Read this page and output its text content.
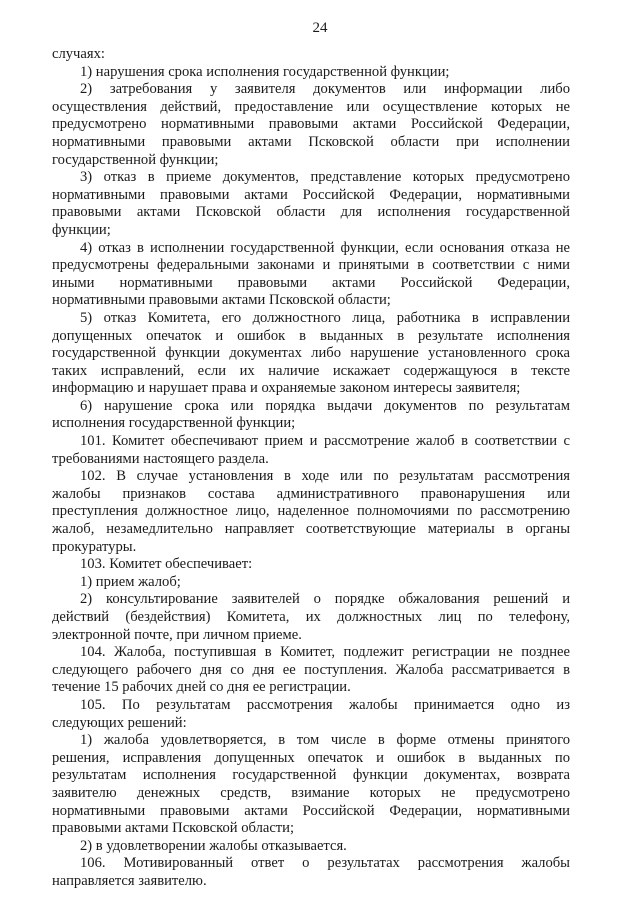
24
случаях:
1) нарушения срока исполнения государственной функции;
2) затребования у заявителя документов или информации либо
осуществления действий, предоставление или осуществление которых не
предусмотрено нормативными правовыми актами Российской Федерации,
нормативными правовыми актами Псковской области при исполнении
государственной функции;
3) отказ в приеме документов, представление которых предусмотрено
нормативными правовыми актами Российской Федерации, нормативными
правовыми актами Псковской области для исполнения государственной
функции;
4) отказ в исполнении государственной функции, если основания отказа не
предусмотрены федеральными законами и принятыми в соответствии с ними
иными нормативными правовыми актами Российской Федерации,
нормативными правовыми актами Псковской области;
5) отказ Комитета, его должностного лица, работника в исправлении
допущенных опечаток и ошибок в выданных в результате исполнения
государственной функции документах либо нарушение установленного срока
таких исправлений, если их наличие искажает содержащуюся в тексте
информацию и нарушает права и охраняемые законом интересы заявителя;
6) нарушение срока или порядка выдачи документов по результатам
исполнения государственной функции;
101. Комитет обеспечивают прием и рассмотрение жалоб в соответствии с
требованиями настоящего раздела.
102. В случае установления в ходе или по результатам рассмотрения
жалобы признаков состава административного правонарушения или
преступления должностное лицо, наделенное полномочиями по рассмотрению
жалоб, незамедлительно направляет соответствующие материалы в органы
прокуратуры.
103. Комитет обеспечивает:
1) прием жалоб;
2) консультирование заявителей о порядке обжалования решений и
действий (бездействия) Комитета, их должностных лиц по телефону,
электронной почте, при личном приеме.
104. Жалоба, поступившая в Комитет, подлежит регистрации не позднее
следующего рабочего дня со дня ее поступления. Жалоба рассматривается в
течение 15 рабочих дней со дня ее регистрации.
105. По результатам рассмотрения жалобы принимается одно из
следующих решений:
1) жалоба удовлетворяется, в том числе в форме отмены принятого
решения, исправления допущенных опечаток и ошибок в выданных по
результатам исполнения государственной функции документах, возврата
заявителю денежных средств, взимание которых не предусмотрено
нормативными правовыми актами Российской Федерации, нормативными
правовыми актами Псковской области;
2) в удовлетворении жалобы отказывается.
106. Мотивированный ответ о результатах рассмотрения жалобы
направляется заявителю.
